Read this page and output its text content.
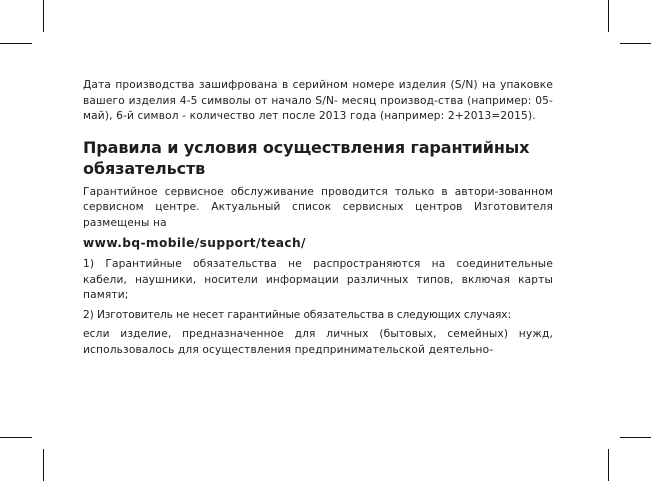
Дата производства зашифрована в серийном номере изделия (S/N) на упаковке вашего изделия 4-5 символы от начало S/N- месяц производ-ства (например: 05-май), 6-й символ - количество лет после 2013 года (например: 2+2013=2015).

Правила и условия осуществления гарантийных обязательств

Гарантийное сервисное обслуживание проводится только в автори-зованном сервисном центре. Актуальный список сервисных центров Изготовителя размещены на

www.bq-mobile/support/teach/

1) Гарантийные обязательства не распространяются на соединительные кабели, наушники, носители информации различных типов, включая карты памяти;

2) Изготовитель не несет гарантийные обязательства в следующих случаях:

если изделие, предназначенное для личных (бытовых, семейных) нужд, использовалось для осуществления предпринимательской деятельно-
